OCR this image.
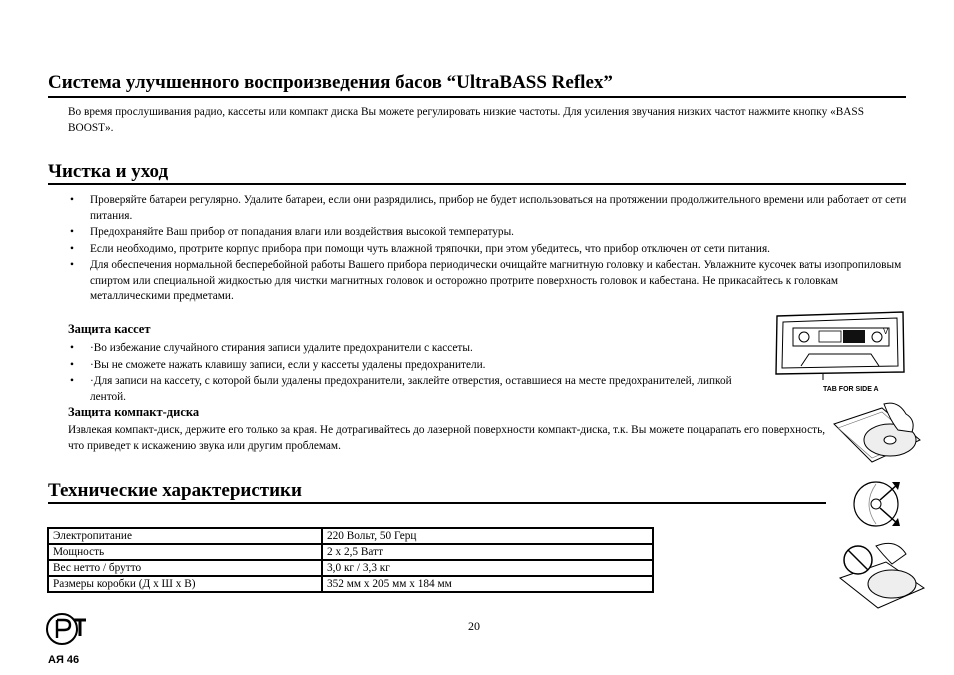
Система улучшенного воспроизведения басов “UltraBASS Reflex”

Во время прослушивания радио, кассеты или компакт диска Вы можете регулировать низкие частоты. Для усиления звучания низких частот нажмите кнопку «BASS BOOST».

Чистка и уход
• Проверяйте батареи регулярно. Удалите батареи, если они разрядились, прибор не будет использоваться на протяжении продолжительного времени или работает от сети питания.
• Предохраняйте Ваш прибор от попадания влаги или воздействия высокой температуры.
• Если необходимо, протрите корпус прибора при помощи чуть влажной тряпочки, при этом убедитесь, что прибор отключен от сети питания.
• Для обеспечения нормальной бесперебойной работы Вашего прибора периодически очищайте магнитную головку и кабестан. Увлажните кусочек ваты изопропиловым спиртом или специальной жидкостью для чистки магнитных головок и осторожно протрите поверхность головок и кабестана. Не прикасайтесь к головкам металлическими предметами.
Защита кассет
• ·Во избежание случайного стирания записи удалите предохранители с кассеты.
• ·Вы не сможете нажать клавишу записи, если у кассеты удалены предохранители.
• ·Для записи на кассету, с которой были удалены предохранители, заклейте отверстия, оставшиеся на месте предохранителей, липкой лентой.
Защита компакт-диска

Извлекая компакт-диск, держите его только за края. Не дотрагивайтесь до лазерной поверхности компакт-диска, т.к. Вы можете поцарапать его поверхность, что приведет к искажению звука или другим проблемам.

Технические характеристики
Электропитание	220 Вольт, 50 Герц
Мощность	2 х 2,5 Ватт
Вес нетто / брутто	3,0 кг / 3,3 кг
Размеры коробки (Д х Ш х В)	352 мм х 205 мм х 184 мм
V
TAB FOR SIDE A
20
АЯ 46
